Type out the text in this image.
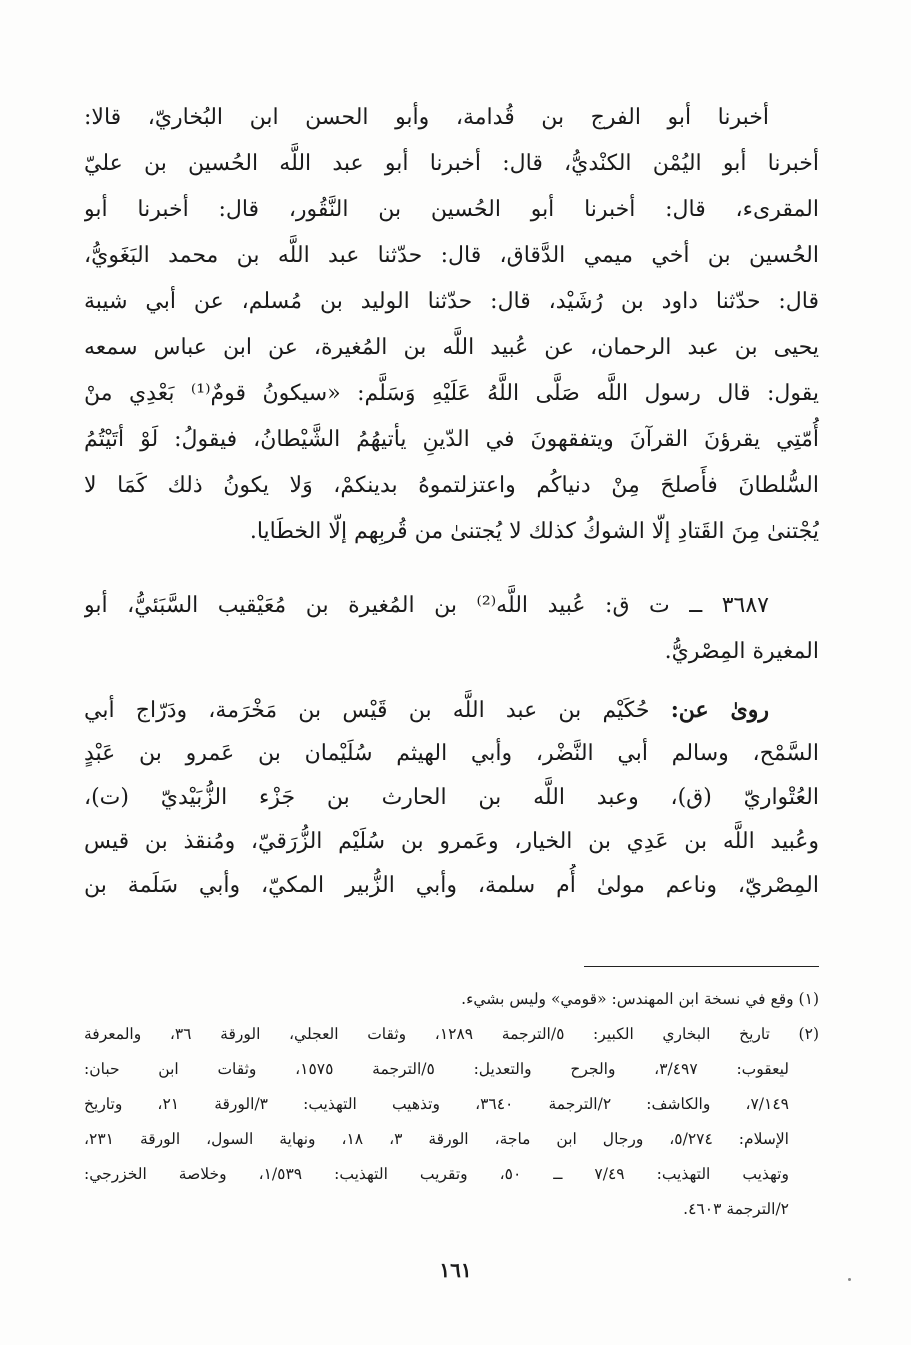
أخبرنا أبو الفرج بن قُدامة، وأبو الحسن ابن البُخاريّ، قالا:
أخبرنا أبو اليُمْن الكنْديُّ، قال: أخبرنا أبو عبد اللَّه الحُسين بن عليّ
المقرىء، قال: أخبرنا أبو الحُسين بن النَّقُور، قال: أخبرنا أبو
الحُسين بن أخي ميمي الدَّقاق، قال: حدّثنا عبد اللَّه بن محمد البَغَويُّ،
قال: حدّثنا داود بن رُشَيْد، قال: حدّثنا الوليد بن مُسلم، عن أبي شيبة
يحيى بن عبد الرحمان، عن عُبيد اللَّه بن المُغيرة، عن ابن عباس سمعه
يقول: قال رسول اللَّه صَلَّى اللَّهُ عَلَيْهِ وَسَلَّم: «سيكونُ قومٌ⁽¹⁾ بَعْدِي منْ
أُمّتِي يقرؤنَ القرآنَ ويتفقهونَ في الدّينِ يأتيهُمُ الشَّيْطانُ، فيقولُ: لَوْ أتَيْتُمُ
السُّلطانَ فأَصلحَ مِنْ دنياكُم واعتزلتموهُ بدينكمْ، وَلا يكونُ ذلك كَمَا لا
يُجْتنىٰ مِنَ القَتادِ إلّا الشوكُ كذلك لا يُجتنىٰ من قُربِهم إلّا الخطَايا.
٣٦٨٧ ــ ت ق: عُبيد اللَّه⁽²⁾ بن المُغيرة بن مُعَيْقيب السَّبَئيُّ، أبو
المغيرة المِصْريُّ.
روىٰ عن: حُكَيْم بن عبد اللَّه بن قَيْس بن مَخْرَمة، ودَرّاج أبي
السَّمْح، وسالم أبي النَّضْر، وأبي الهيثم سُلَيْمان بن عَمرو بن عَبْدٍ
العُتْواريّ (ق)، وعبد اللَّه بن الحارث بن جَزْء الزُّبَيْديّ (ت)،
وعُبيد اللَّه بن عَدِي بن الخيار، وعَمرو بن سُلَيْم الزُّرَقيّ، ومُنقذ بن قيس
المِصْريّ، وناعم مولىٰ أُم سلمة، وأبي الزُّبير المكيّ، وأبي سَلَمة بن
(١) وقع في نسخة ابن المهندس: «قومي» وليس بشيء.
(٢) تاريخ البخاري الكبير: ٥/الترجمة ١٢٨٩، وثقات العجلي، الورقة ٣٦، والمعرفة
ليعقوب: ٣/٤٩٧، والجرح والتعديل: ٥/الترجمة ١٥٧٥، وثقات ابن حبان:
٧/١٤٩، والكاشف: ٢/الترجمة ٣٦٤٠، وتذهيب التهذيب: ٣/الورقة ٢١، وتاريخ
الإسلام: ٥/٢٧٤، ورجال ابن ماجة، الورقة ٣، ١٨، ونهاية السول، الورقة ٢٣١،
وتهذيب التهذيب: ٧/٤٩ ــ ٥٠، وتقريب التهذيب: ١/٥٣٩، وخلاصة الخزرجي:
٢/الترجمة ٤٦٠٣.
١٦١
